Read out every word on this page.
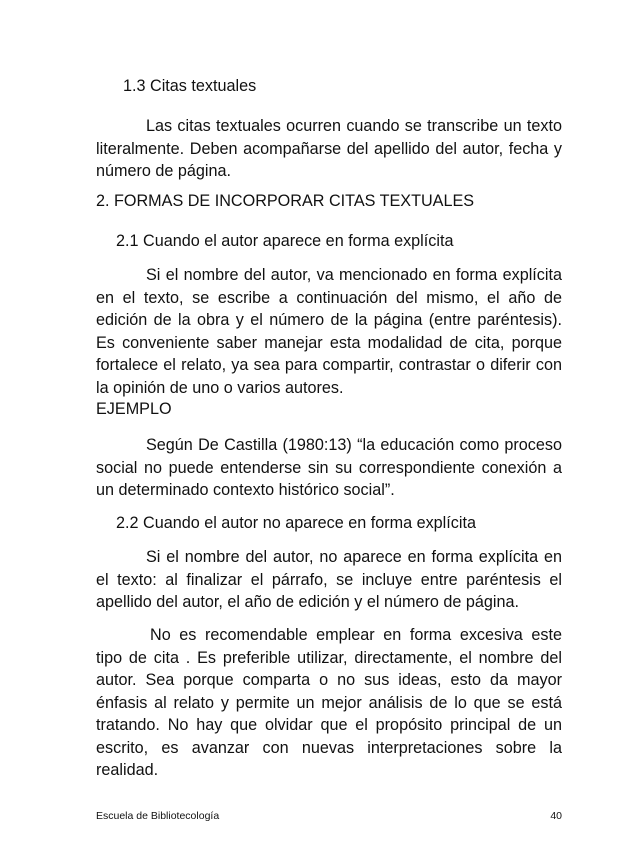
1.3 Citas textuales
Las citas textuales ocurren cuando se transcribe un texto literalmente. Deben acompañarse del apellido del autor, fecha y número de página.
2. FORMAS DE INCORPORAR CITAS TEXTUALES
2.1 Cuando el autor aparece en forma explícita
Si el nombre del autor, va mencionado en forma explícita en el texto, se escribe a continuación del mismo, el año de edición de la obra y el número de la página (entre paréntesis). Es conveniente saber manejar esta modalidad de cita, porque fortalece el relato, ya sea para compartir, contrastar o diferir con la opinión de uno o varios autores.
EJEMPLO
Según De Castilla (1980:13) “la educación como proceso social no puede entenderse sin su correspondiente conexión a un determinado contexto histórico social”.
2.2 Cuando el autor no aparece en forma explícita
Si el nombre del autor, no aparece en forma explícita en el texto: al finalizar el párrafo, se incluye entre paréntesis el apellido del autor, el año de edición y el número de página.
No es recomendable emplear en forma excesiva este tipo de cita . Es preferible utilizar, directamente, el nombre del autor. Sea porque comparta o no sus ideas, esto da mayor énfasis al relato y permite un mejor análisis de lo que se está tratando. No hay que olvidar que el propósito principal de un escrito, es avanzar con nuevas interpretaciones sobre la realidad.
Escuela de Bibliotecología	40
